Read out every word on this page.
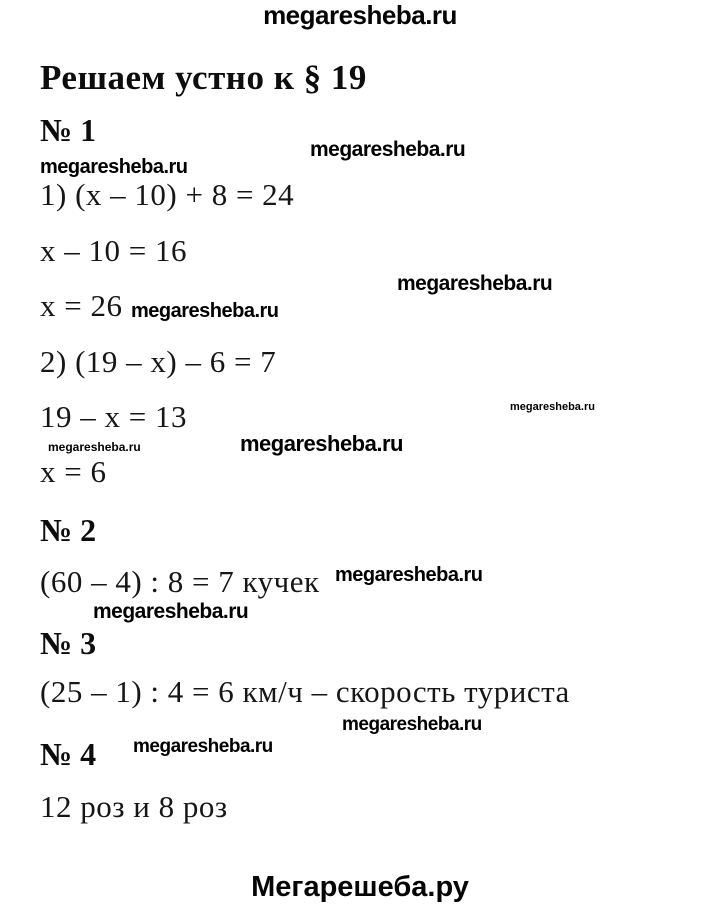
megaresheba.ru
Решаем устно к § 19
№ 1
megaresheba.ru
megaresheba.ru
1) (х – 10) + 8 = 24
х – 10 = 16
megaresheba.ru
х = 26 megaresheba.ru
2) (19 – х) – 6 = 7
19 – х = 13	megaresheba.ru
megaresheba.ru	megaresheba.ru
х = 6
№ 2
(60 – 4) : 8 = 7 кучек megaresheba.ru
megaresheba.ru
№ 3
(25 – 1) : 4 = 6 км/ч – скорость туриста
megaresheba.ru
№ 4 megaresheba.ru
12 роз и 8 роз
Мегарешеба.ру
